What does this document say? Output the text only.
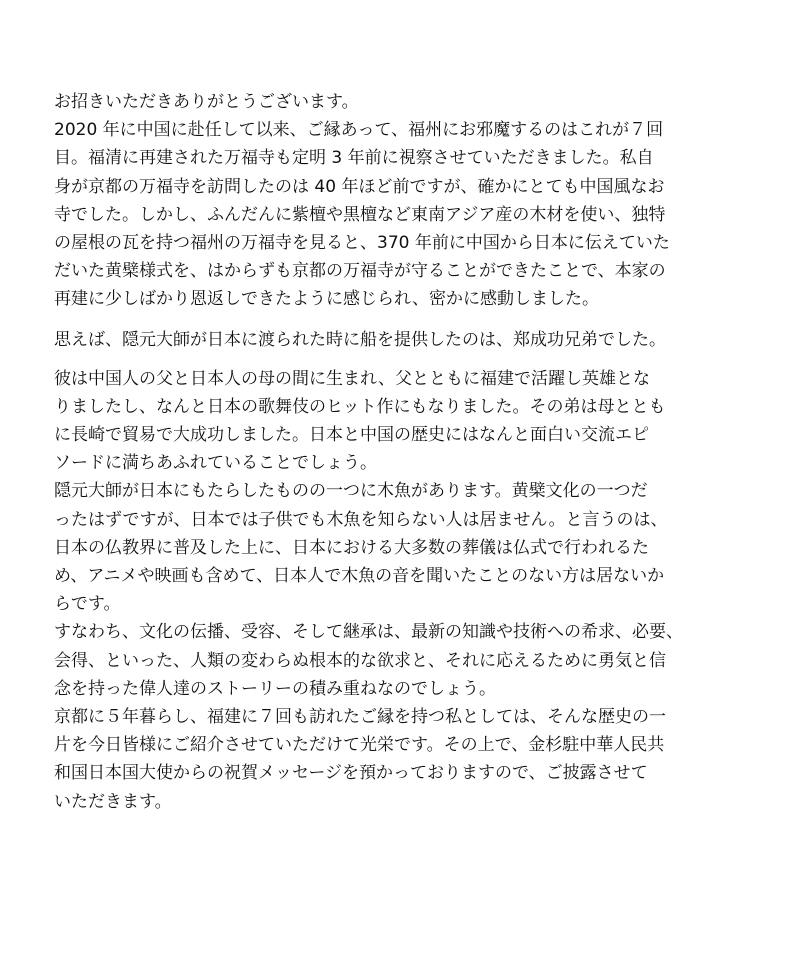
お招きいただきありがとうございます。
2020 年に中国に赴任して以来、ご縁あって、福州にお邪魔するのはこれが７回
目。福清に再建された万福寺も定明 3 年前に視察させていただきました。私自
身が京都の万福寺を訪問したのは 40 年ほど前ですが、確かにとても中国風なお
寺でした。しかし、ふんだんに紫檀や黒檀など東南アジア産の木材を使い、独特
の屋根の瓦を持つ福州の万福寺を見ると、370 年前に中国から日本に伝えていた
だいた黄檗様式を、はからずも京都の万福寺が守ることができたことで、本家の
再建に少しばかり恩返しできたように感じられ、密かに感動しました。
思えば、隠元大師が日本に渡られた時に船を提供したのは、郑成功兄弟でした。
彼は中国人の父と日本人の母の間に生まれ、父とともに福建で活躍し英雄とな
りましたし、なんと日本の歌舞伎のヒット作にもなりました。その弟は母ととも
に長崎で貿易で大成功しました。日本と中国の歴史にはなんと面白い交流エピ
ソードに満ちあふれていることでしょう。
隠元大師が日本にもたらしたものの一つに木魚があります。黄檗文化の一つだ
ったはずですが、日本では子供でも木魚を知らない人は居ません。と言うのは、
日本の仏教界に普及した上に、日本における大多数の葬儀は仏式で行われるた
め、アニメや映画も含めて、日本人で木魚の音を聞いたことのない方は居ないか
らです。
すなわち、文化の伝播、受容、そして継承は、最新の知識や技術への希求、必要、
会得、といった、人類の変わらぬ根本的な欲求と、それに応えるために勇気と信
念を持った偉人達のストーリーの積み重ねなのでしょう。
京都に５年暮らし、福建に７回も訪れたご縁を持つ私としては、そんな歴史の一
片を今日皆様にご紹介させていただけて光栄です。その上で、金杉駐中華人民共
和国日本国大使からの祝賀メッセージを預かっておりますので、ご披露させて
いただきます。
